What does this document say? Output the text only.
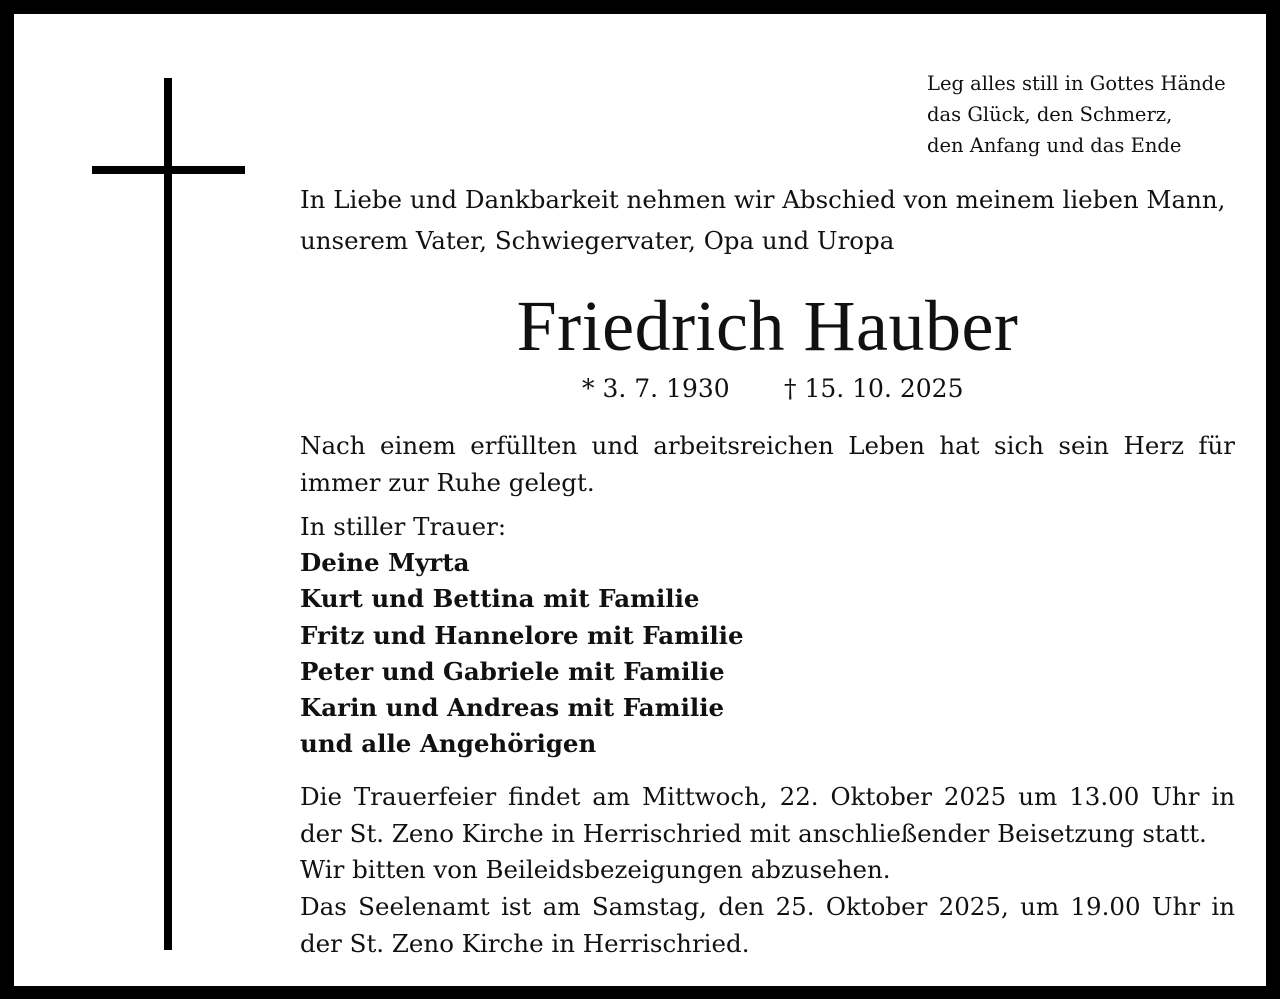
Leg alles still in Gottes Hände
das Glück, den Schmerz,
den Anfang und das Ende
In Liebe und Dankbarkeit nehmen wir Abschied von meinem lieben Mann,
unserem Vater, Schwiegervater, Opa und Uropa
Friedrich Hauber
* 3. 7. 1930 † 15. 10. 2025
Nach einem erfüllten und arbeitsreichen Leben hat sich sein Herz für immer zur Ruhe gelegt.
In stiller Trauer:
Deine Myrta
Kurt und Bettina mit Familie
Fritz und Hannelore mit Familie
Peter und Gabriele mit Familie
Karin und Andreas mit Familie
und alle Angehörigen

Die Trauerfeier findet am Mittwoch, 22. Oktober 2025 um 13.00 Uhr in der St. Zeno Kirche in Herrischried mit anschließender Beisetzung statt.

Wir bitten von Beileidsbezeigungen abzusehen.

Das Seelenamt ist am Samstag, den 25. Oktober 2025, um 19.00 Uhr in der St. Zeno Kirche in Herrischried.
